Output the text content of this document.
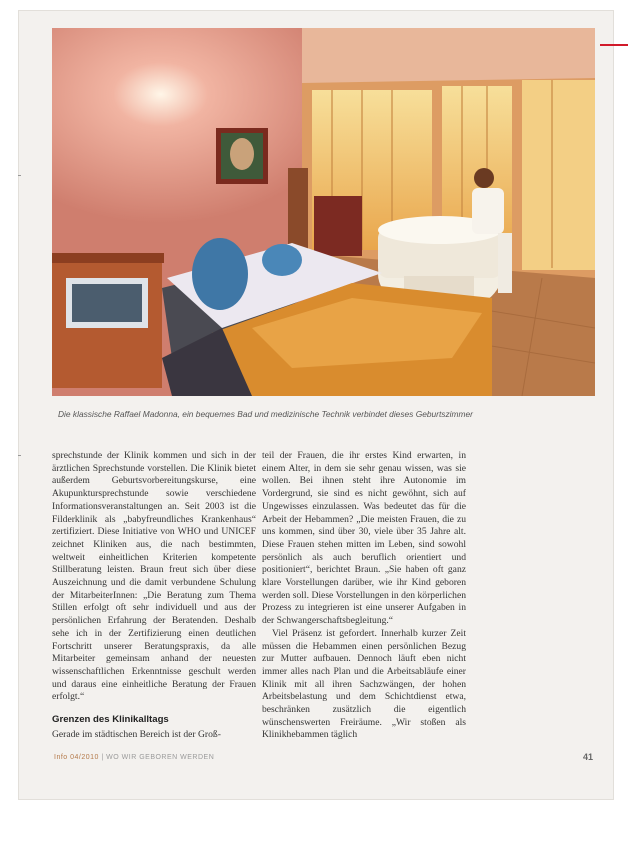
Die klassische Raffael Madonna, ein bequemes Bad und medizinische Technik verbindet dieses Geburtszimmer

sprechstunde der Klinik kommen und sich in der ärztlichen Sprechstunde vorstellen. Die Klinik bietet außerdem Geburtsvorbereitungskurse, eine Akupunktursprechstunde sowie verschiedene Informationsveranstaltungen an. Seit 2003 ist die Filderklinik als „babyfreundliches Krankenhaus“ zertifiziert. Diese Initiative von WHO und UNICEF zeichnet Kliniken aus, die nach bestimmten, weltweit einheitlichen Kriterien kompetente Stillberatung leisten. Braun freut sich über diese Auszeichnung und die damit verbundene Schulung der MitarbeiterInnen: „Die Beratung zum Thema Stillen erfolgt oft sehr individuell und aus der persönlichen Erfahrung der Beratenden. Deshalb sehe ich in der Zertifizierung einen deutlichen Fortschritt unserer Beratungspraxis, da alle Mitarbeiter gemeinsam anhand der neuesten wissenschaftlichen Erkenntnisse geschult werden und daraus eine einheitliche Beratung der Frauen erfolgt.“

Grenzen des Klinikalltags

Gerade im städtischen Bereich ist der Groß-

teil der Frauen, die ihr erstes Kind erwarten, in einem Alter, in dem sie sehr genau wissen, was sie wollen. Bei ihnen steht ihre Autonomie im Vordergrund, sie sind es nicht gewöhnt, sich auf Ungewisses einzulassen. Was bedeutet das für die Arbeit der Hebammen? „Die meisten Frauen, die zu uns kommen, sind über 30, viele über 35 Jahre alt. Diese Frauen stehen mitten im Leben, sind sowohl persönlich als auch beruflich orientiert und positioniert“, berichtet Braun. „Sie haben oft ganz klare Vorstellungen darüber, wie ihr Kind geboren werden soll. Diese Vorstellungen in den körperlichen Prozess zu integrieren ist eine unserer Aufgaben in der Schwangerschaftsbegleitung.“

Viel Präsenz ist gefordert. Innerhalb kurzer Zeit müssen die Hebammen einen persönlichen Bezug zur Mutter aufbauen. Dennoch läuft eben nicht immer alles nach Plan und die Arbeitsabläufe einer Klinik mit all ihren Sachzwängen, der hohen Arbeitsbelastung und dem Schichtdienst etwa, beschränken zusätzlich die eigentlich wünschenswerten Freiräume. „Wir stoßen als Klinikhebammen täglich

Info 04/2010 | WO WIR GEBOREN WERDEN	41
